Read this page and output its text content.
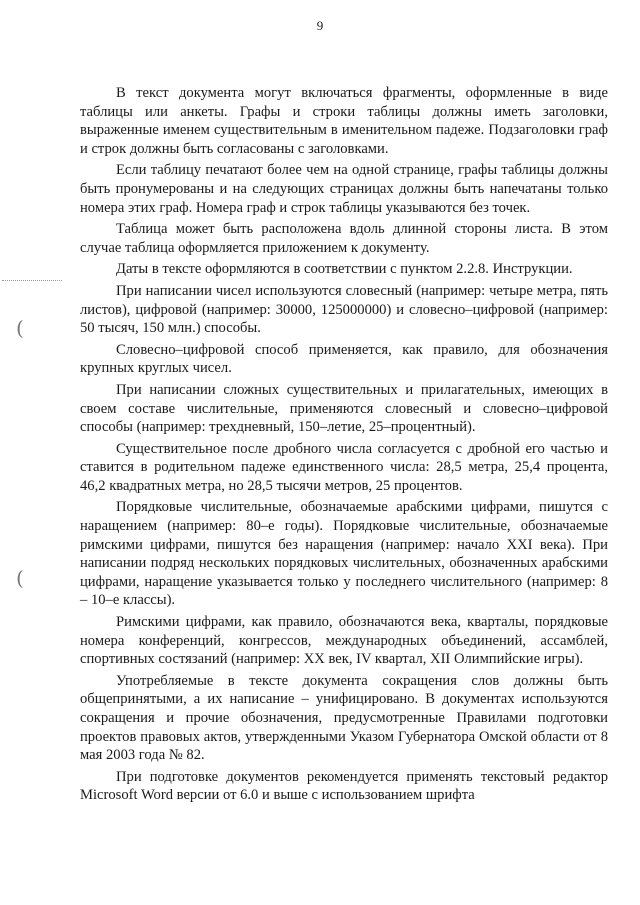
9
(
(

В текст документа могут включаться фрагменты, оформленные в виде таблицы или анкеты. Графы и строки таблицы должны иметь заголовки, выраженные именем существительным в именительном падеже. Подзаголовки граф и строк должны быть согласованы с заголовками.

Если таблицу печатают более чем на одной странице, графы таблицы должны быть пронумерованы и на следующих страницах должны быть напечатаны только номера этих граф. Номера граф и строк таблицы указываются без точек.

Таблица может быть расположена вдоль длинной стороны листа. В этом случае таблица оформляется приложением к документу.

Даты в тексте оформляются в соответствии с пунктом 2.2.8. Инструкции.

При написании чисел используются словесный (например: четыре метра, пять листов), цифровой (например: 30000, 125000000) и словесно–цифровой (например: 50 тысяч, 150 млн.) способы.

Словесно–цифровой способ применяется, как правило, для обозначения крупных круглых чисел.

При написании сложных существительных и прилагательных, имеющих в своем составе числительные, применяются словесный и словесно–цифровой способы (например: трехдневный, 150–летие, 25–процентный).

Существительное после дробного числа согласуется с дробной его частью и ставится в родительном падеже единственного числа: 28,5 метра, 25,4 процента, 46,2 квадратных метра, но 28,5 тысячи метров, 25 процентов.

Порядковые числительные, обозначаемые арабскими цифрами, пишутся с наращением (например: 80–е годы). Порядковые числительные, обозначаемые римскими цифрами, пишутся без наращения (например: начало XXI века). При написании подряд нескольких порядковых числительных, обозначенных арабскими цифрами, наращение указывается только у последнего числительного (например: 8 – 10–е классы).

Римскими цифрами, как правило, обозначаются века, кварталы, порядковые номера конференций, конгрессов, международных объединений, ассамблей, спортивных состязаний (например: XX век, IV квартал, XII Олимпийские игры).

Употребляемые в тексте документа сокращения слов должны быть общепринятыми, а их написание – унифицировано. В документах используются сокращения и прочие обозначения, предусмотренные Правилами подготовки проектов правовых актов, утвержденными Указом Губернатора Омской области от 8 мая 2003 года № 82.

При подготовке документов рекомендуется применять текстовый редактор Microsoft Word версии от 6.0 и выше с использованием шрифта
